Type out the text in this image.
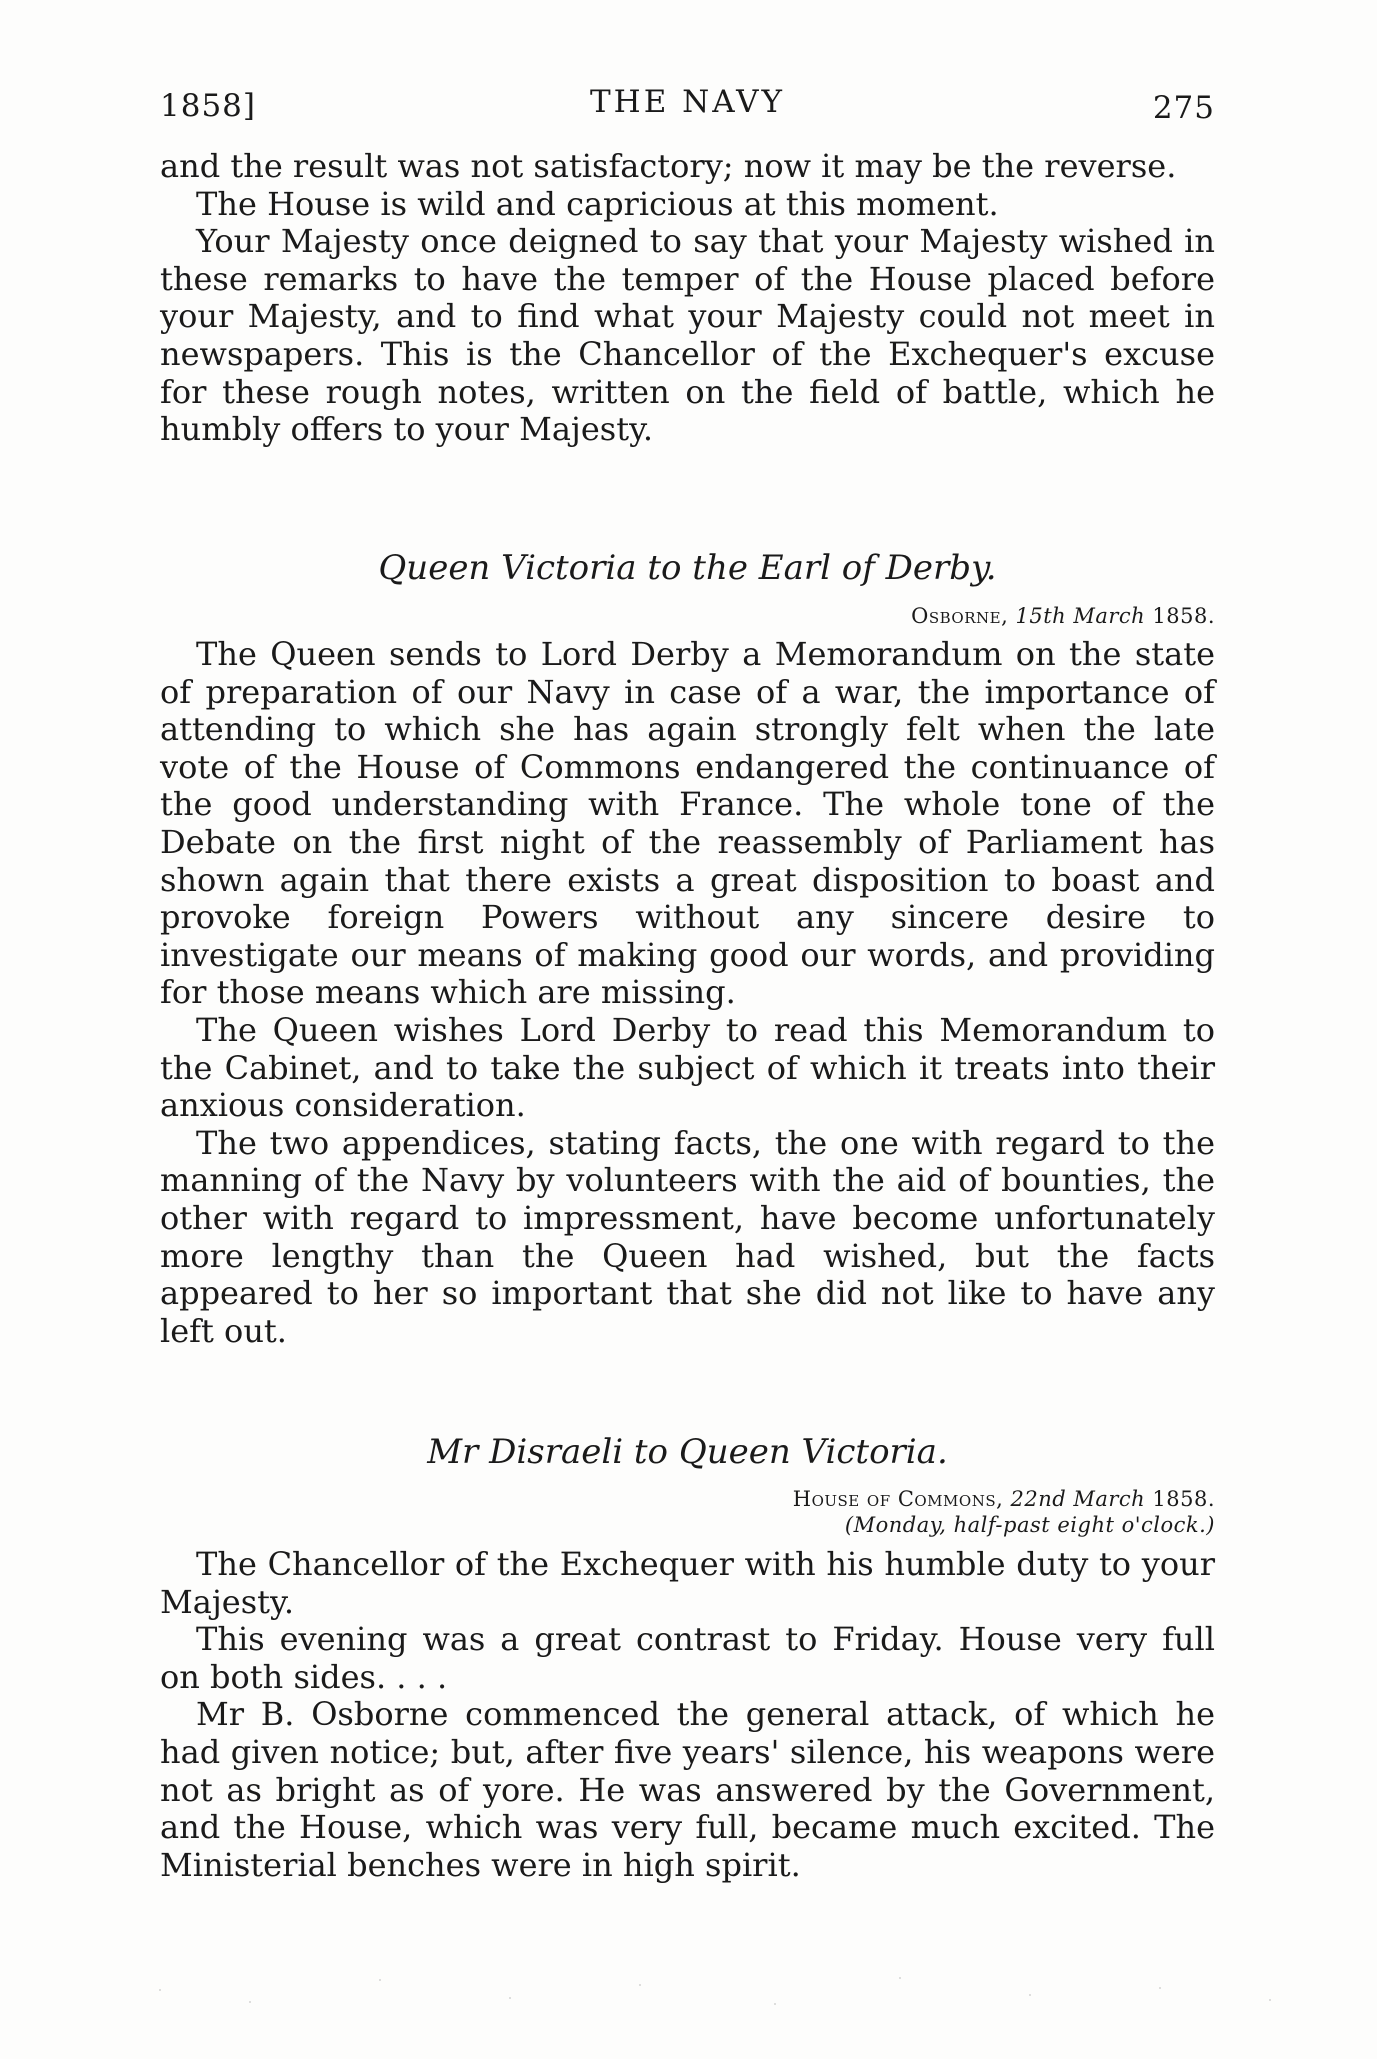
1858]	THE NAVY	275

and the result was not satisfactory; now it may be the reverse.

The House is wild and capricious at this moment.

Your Majesty once deigned to say that your Majesty wished in these remarks to have the temper of the House placed before your Majesty, and to find what your Majesty could not meet in newspapers. This is the Chancellor of the Exchequer's excuse for these rough notes, written on the field of battle, which he humbly offers to your Majesty.

Queen Victoria to the Earl of Derby.
Osborne, 15th March 1858.

The Queen sends to Lord Derby a Memorandum on the state of preparation of our Navy in case of a war, the importance of attending to which she has again strongly felt when the late vote of the House of Commons endangered the continuance of the good understanding with France. The whole tone of the Debate on the first night of the reassembly of Parliament has shown again that there exists a great disposition to boast and provoke foreign Powers without any sincere desire to investigate our means of making good our words, and providing for those means which are missing.

The Queen wishes Lord Derby to read this Memorandum to the Cabinet, and to take the subject of which it treats into their anxious consideration.

The two appendices, stating facts, the one with regard to the manning of the Navy by volunteers with the aid of bounties, the other with regard to impressment, have become unfortunately more lengthy than the Queen had wished, but the facts appeared to her so important that she did not like to have any left out.

Mr Disraeli to Queen Victoria.
House of Commons, 22nd March 1858.
(Monday, half-past eight o'clock.)

The Chancellor of the Exchequer with his humble duty to your Majesty.

This evening was a great contrast to Friday. House very full on both sides. . . .

Mr B. Osborne commenced the general attack, of which he had given notice; but, after five years' silence, his weapons were not as bright as of yore. He was answered by the Government, and the House, which was very full, became much excited. The Ministerial benches were in high spirit.
